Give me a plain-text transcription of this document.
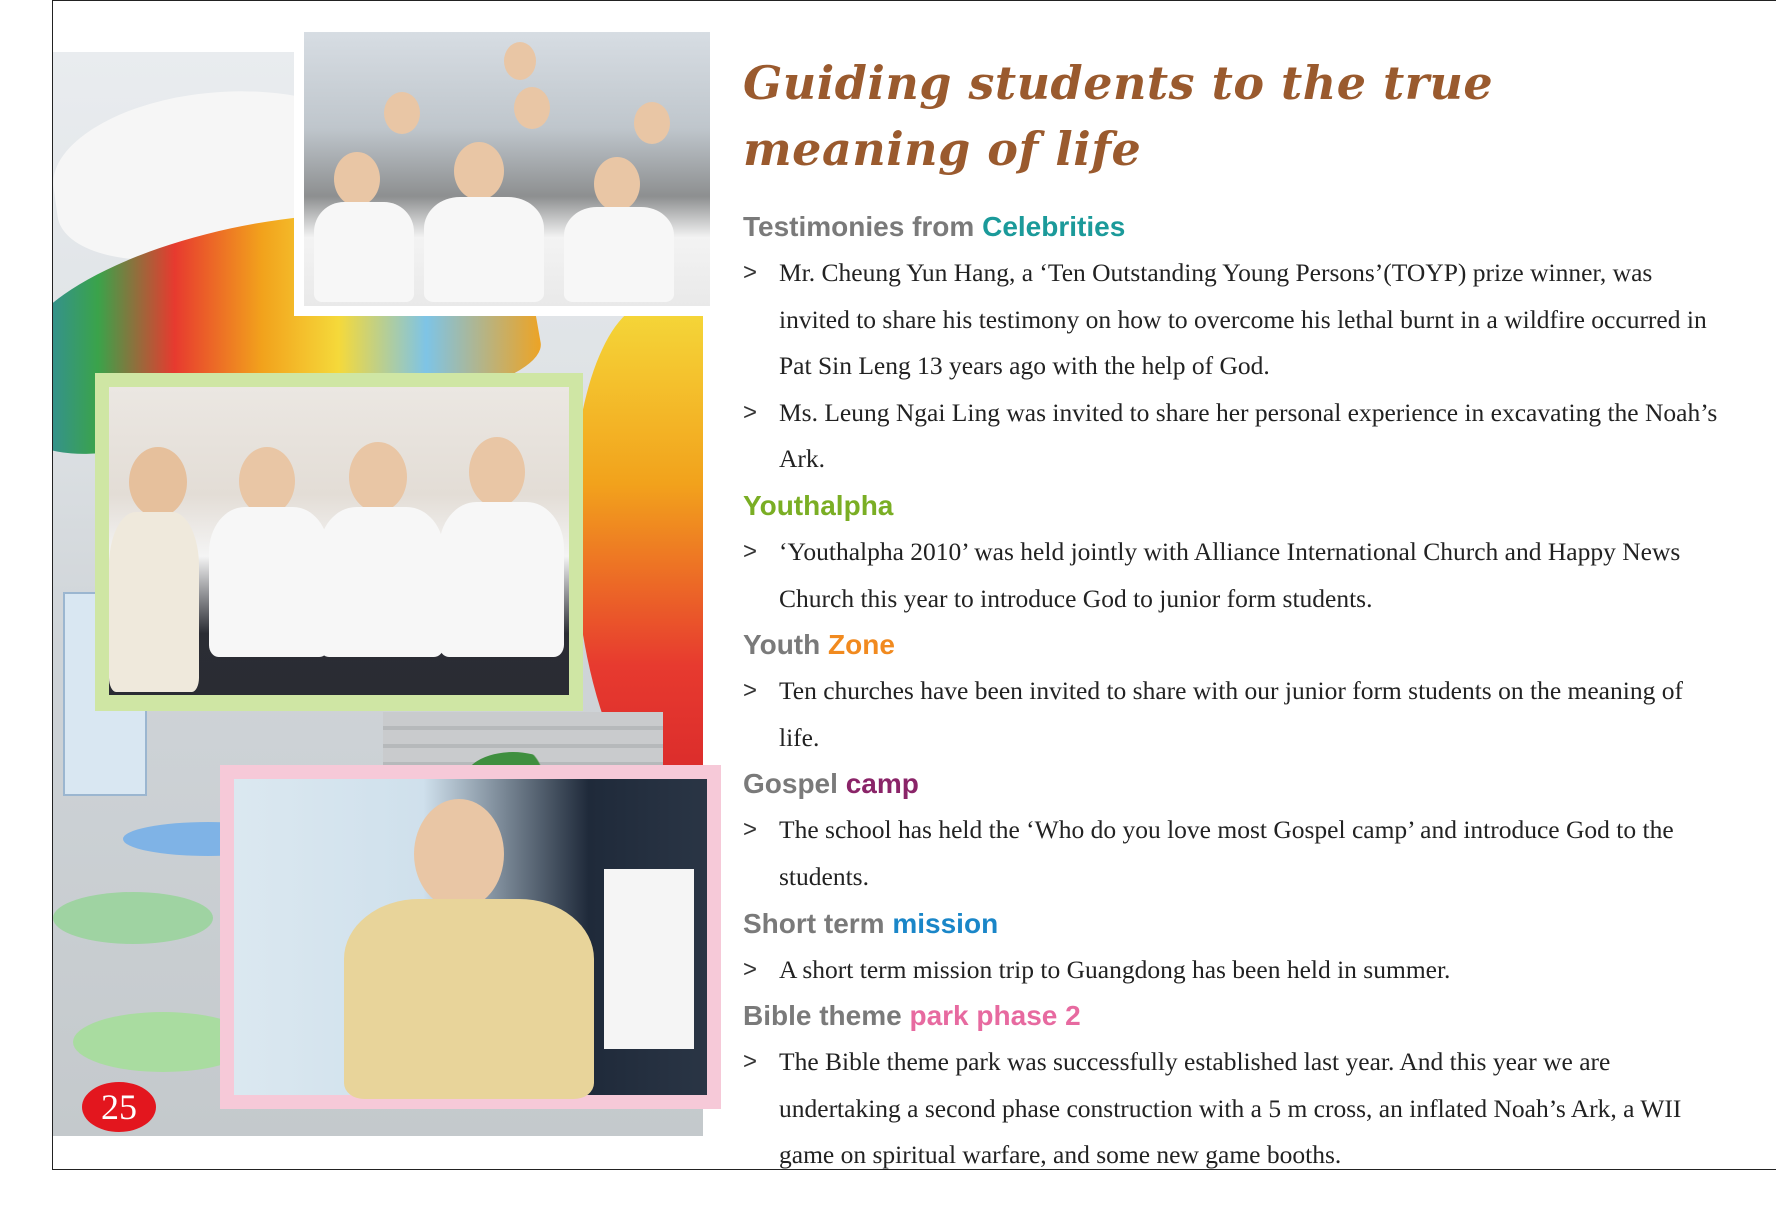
25
Guiding students to the true meaning of life
Testimonies from Celebrities

> Mr. Cheung Yun Hang, a ‘Ten Outstanding Young Persons’(TOYP) prize winner, was invited to share his testimony on how to overcome his lethal burnt in a wildfire occurred in Pat Sin Leng 13 years ago with the help of God.

> Ms. Leung Ngai Ling was invited to share her personal experience in excavating the Noah’s Ark.

Youthalpha

> ‘Youthalpha 2010’ was held jointly with Alliance International Church and Happy News Church this year to introduce God to junior form students.

Youth Zone

> Ten churches have been invited to share with our junior form students on the meaning of life.

Gospel camp

> The school has held the ‘Who do you love most Gospel camp’ and introduce God to the students.

Short term mission

> A short term mission trip to Guangdong has been held in summer.

Bible theme park phase 2

> The Bible theme park was successfully established last year. And this year we are undertaking a second phase construction with a 5 m cross, an inflated Noah’s Ark, a WII game on spiritual warfare, and some new game booths.
